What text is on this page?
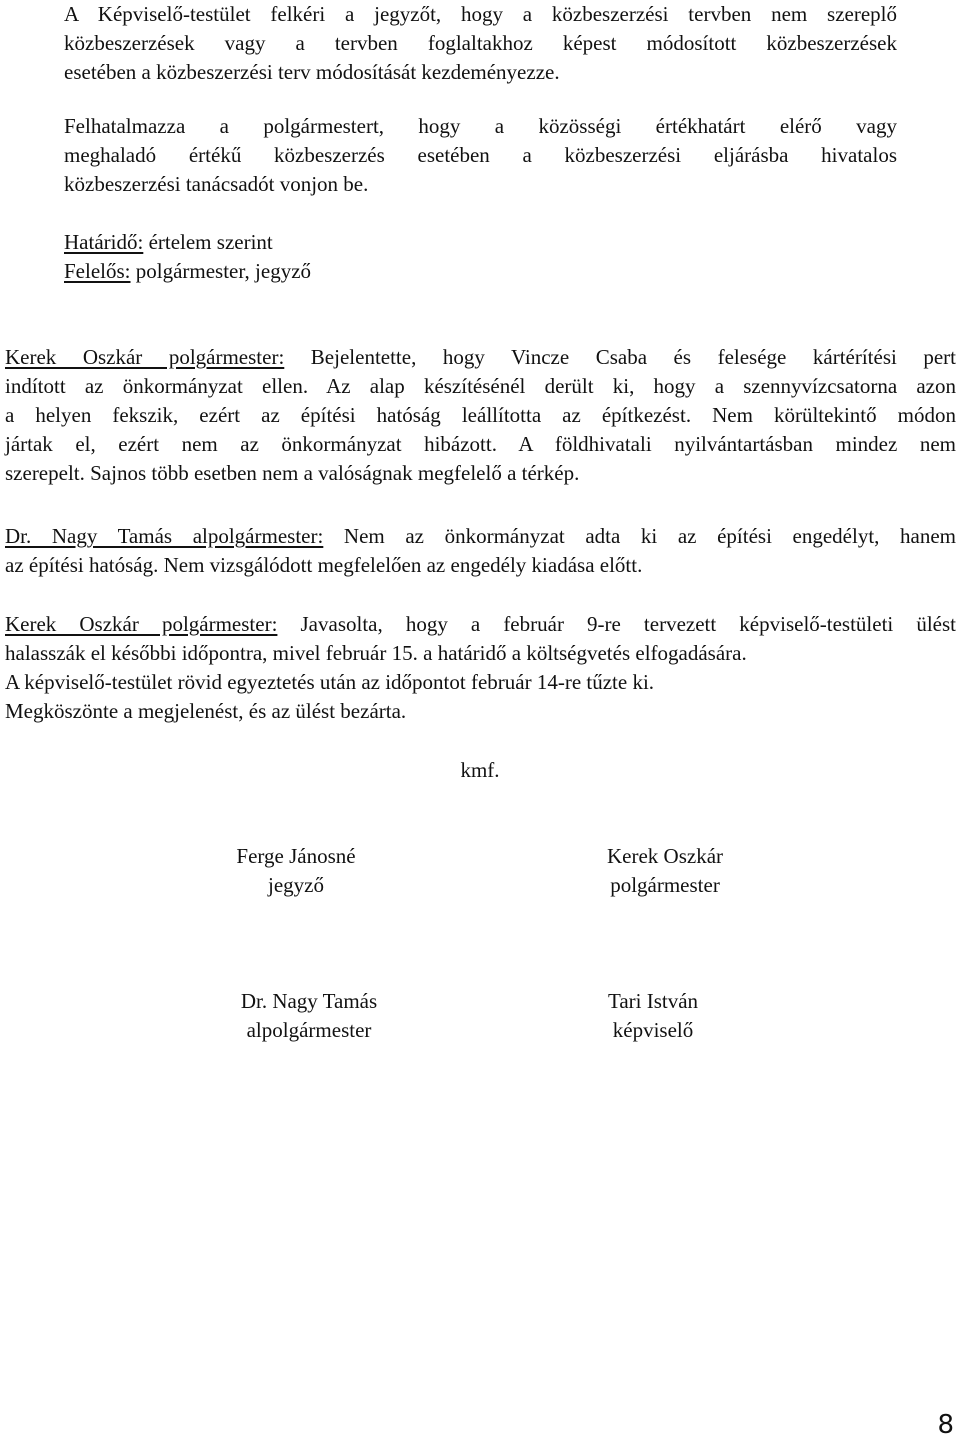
A Képviselő-testület felkéri a jegyzőt, hogy a közbeszerzési tervben nem szereplő
közbeszerzések vagy a tervben foglaltakhoz képest módosított közbeszerzések
esetében a közbeszerzési terv módosítását kezdeményezze.
Felhatalmazza a polgármestert, hogy a közösségi értékhatárt elérő vagy
meghaladó értékű közbeszerzés esetében a közbeszerzési eljárásba hivatalos
közbeszerzési tanácsadót vonjon be.
Határidő: értelem szerint
Felelős: polgármester, jegyző
Kerek Oszkár polgármester: Bejelentette, hogy Vincze Csaba és felesége kártérítési pert
indított az önkormányzat ellen. Az alap készítésénél derült ki, hogy a szennyvízcsatorna azon
a helyen fekszik, ezért az építési hatóság leállította az építkezést. Nem körültekintő módon
jártak el, ezért nem az önkormányzat hibázott. A földhivatali nyilvántartásban mindez nem
szerepelt. Sajnos több esetben nem a valóságnak megfelelő a térkép.
Dr. Nagy Tamás alpolgármester: Nem az önkormányzat adta ki az építési engedélyt, hanem
az építési hatóság. Nem vizsgálódott megfelelően az engedély kiadása előtt.
Kerek Oszkár polgármester: Javasolta, hogy a február 9-re tervezett képviselő-testületi ülést
halasszák el későbbi időpontra, mivel február 15. a határidő a költségvetés elfogadására.
A képviselő-testület rövid egyeztetés után az időpontot február 14-re tűzte ki.
Megköszönte a megjelenést, és az ülést bezárta.
kmf.
Ferge Jánosné
jegyző
Kerek Oszkár
polgármester
Dr. Nagy Tamás
alpolgármester
Tari István
képviselő
8
